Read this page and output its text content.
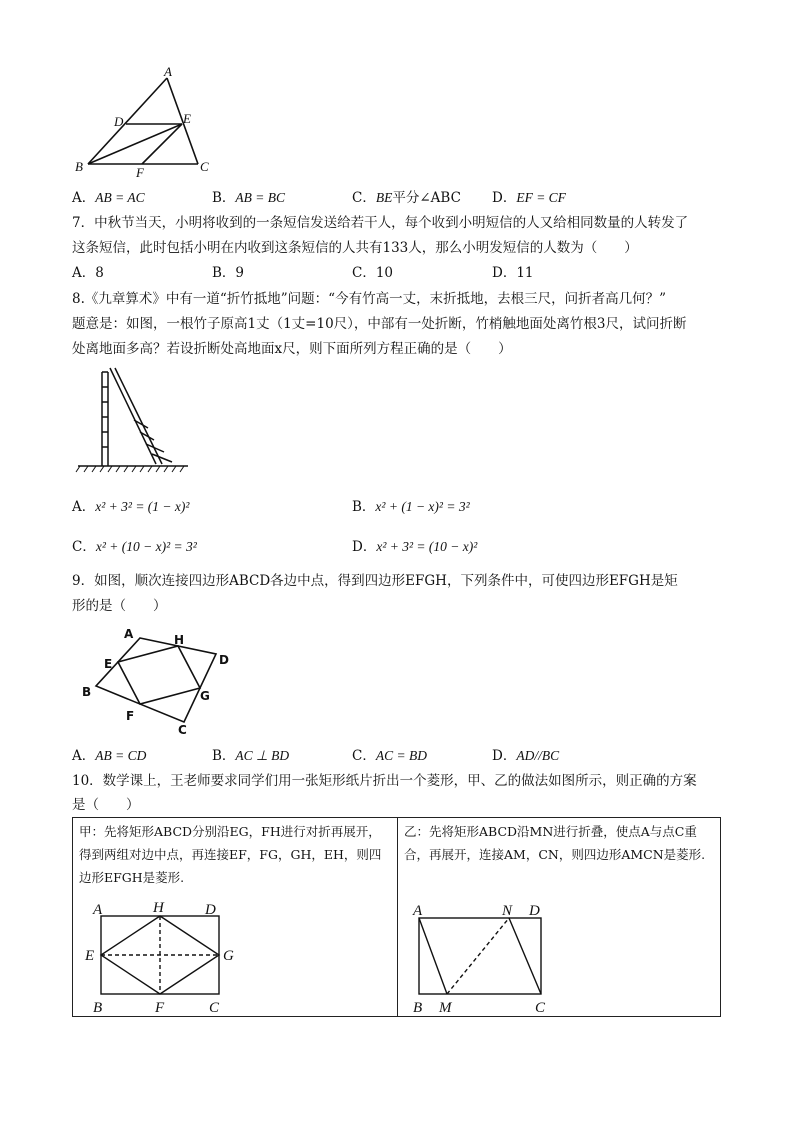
A
D	E
B	F	C
A．AB = AC	B．AB = BC	C．BE平分∠ABC D．EF = CF
7．中秋节当天，小明将收到的一条短信发送给若干人，每个收到小明短信的人又给相同数量的人转发了
这条短信，此时包括小明在内收到这条短信的人共有133人，那么小明发短信的人数为（　　）
A．8	B．9	C．10	D．11
8.《九章算术》中有一道“折竹抵地”问题：“今有竹高一丈，末折抵地，去根三尺，问折者高几何？”
题意是：如图，一根竹子原高1丈（1丈=10尺），中部有一处折断，竹梢触地面处离竹根3尺，试问折断
处离地面多高？若设折断处高地面x尺，则下面所列方程正确的是（　　）
A．x² + 3² = (1 − x)²	B．x² + (1 − x)² = 3²
C．x² + (10 − x)² = 3²	D．x² + 3² = (10 − x)²
9．如图，顺次连接四边形ABCD各边中点，得到四边形EFGH，下列条件中，可使四边形EFGH是矩
形的是（　　）
A	H
D
E
B	G
F
C
A．AB = CD	B．AC ⊥ BD	C．AC = BD	D．AD//BC
10．数学课上，王老师要求同学们用一张矩形纸片折出一个菱形，甲、乙的做法如图所示，则正确的方案
是（　　）
甲：先将矩形ABCD分别沿EG，FH进行对折再展开，得到两组对边中点，再连接EF，FG，GH，EH，则四边形EFGH是菱形.
乙：先将矩形ABCD沿MN进行折叠，使点A与点C重合，再展开，连接AM，CN，则四边形AMCN是菱形.
A	H	D
E	G
B	F	C
A	N D
B M	C
